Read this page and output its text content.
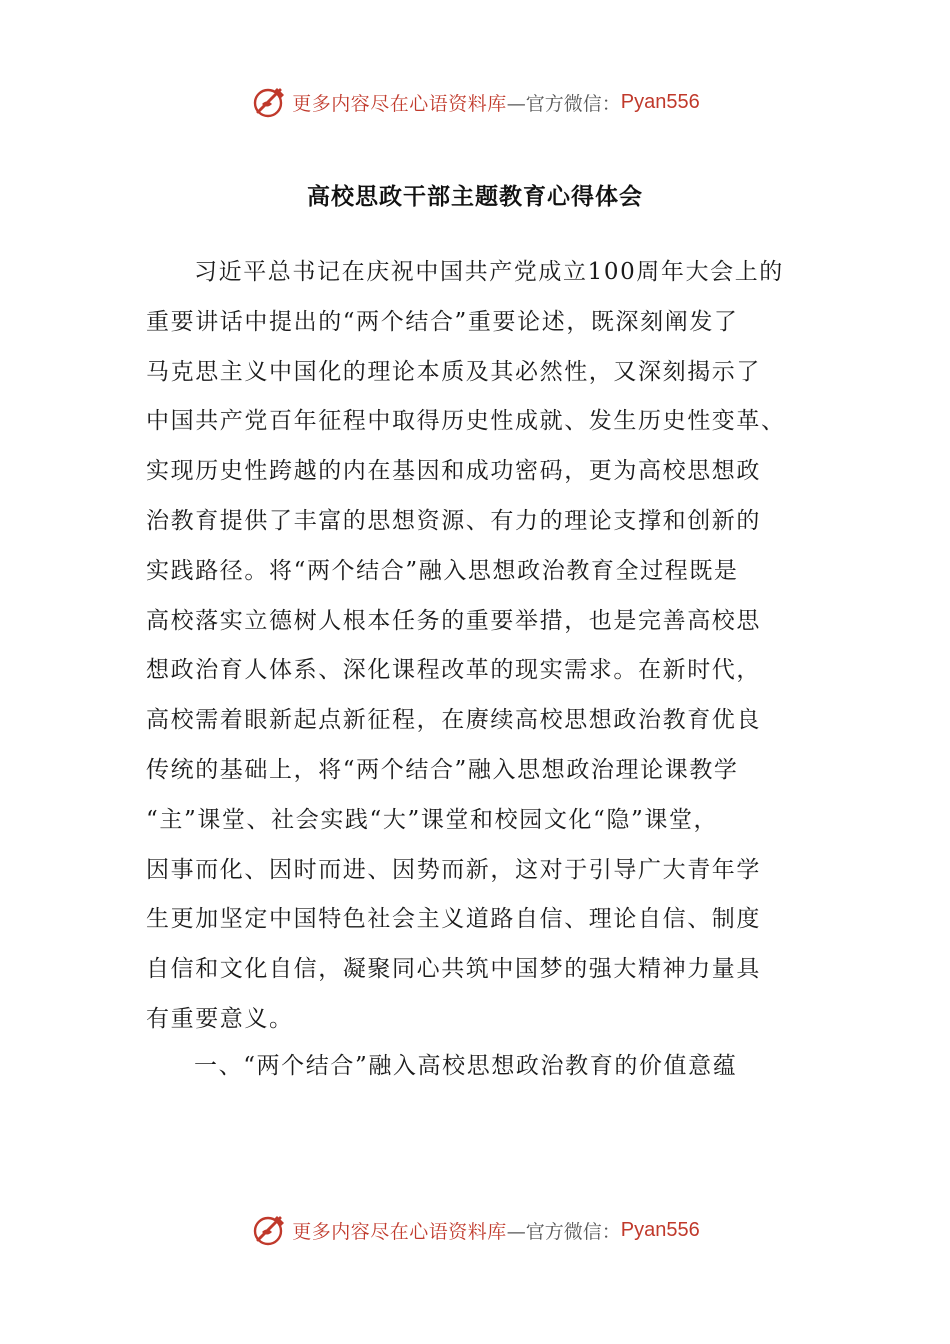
更多内容尽在心语资料库 —官方微信： Pyan556
高校思政干部主题教育心得体会
习近平总书记在庆祝中国共产党成立100周年大会上的
重要讲话中提出的“两个结合”重要论述，既深刻阐发了
马克思主义中国化的理论本质及其必然性，又深刻揭示了
中国共产党百年征程中取得历史性成就、发生历史性变革、
实现历史性跨越的内在基因和成功密码，更为高校思想政
治教育提供了丰富的思想资源、有力的理论支撑和创新的
实践路径。将“两个结合”融入思想政治教育全过程既是
高校落实立德树人根本任务的重要举措，也是完善高校思
想政治育人体系、深化课程改革的现实需求。在新时代，
高校需着眼新起点新征程，在赓续高校思想政治教育优良
传统的基础上，将“两个结合”融入思想政治理论课教学
“主”课堂、社会实践“大”课堂和校园文化“隐”课堂，
因事而化、因时而进、因势而新，这对于引导广大青年学
生更加坚定中国特色社会主义道路自信、理论自信、制度
自信和文化自信，凝聚同心共筑中国梦的强大精神力量具
有重要意义。

一、“两个结合”融入高校思想政治教育的价值意蕴

更多内容尽在心语资料库 —官方微信： Pyan556
